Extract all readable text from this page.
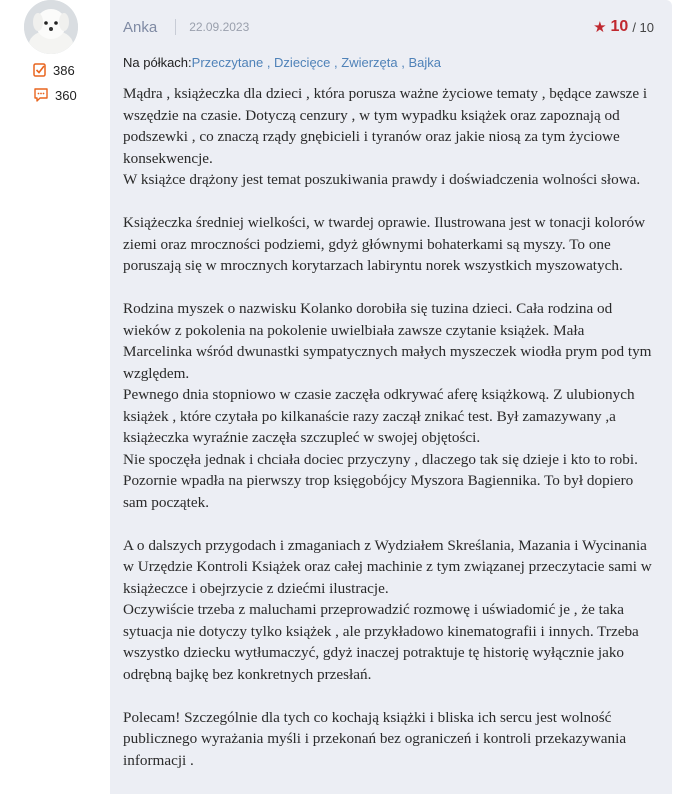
386
360
Anka	22.09.2023	★ 10 / 10
Na półkach:Przeczytane , Dziecięce , Zwierzęta , Bajka

Mądra , książeczka dla dzieci , która porusza ważne życiowe tematy , będące zawsze i wszędzie na czasie. Dotyczą cenzury , w tym wypadku książek oraz zapoznają od podszewki , co znaczą rządy gnębicieli i tyranów oraz jakie niosą za tym życiowe konsekwencje.
W książce drążony jest temat poszukiwania prawdy i doświadczenia wolności słowa.

Książeczka średniej wielkości, w twardej oprawie. Ilustrowana jest w tonacji kolorów ziemi oraz mroczności podziemi, gdyż głównymi bohaterkami są myszy. To one poruszają się w mrocznych korytarzach labiryntu norek wszystkich myszowatych.

Rodzina myszek o nazwisku Kolanko dorobiła się tuzina dzieci. Cała rodzina od wieków z pokolenia na pokolenie uwielbiała zawsze czytanie książek. Mała Marcelinka wśród dwunastki sympatycznych małych myszeczek wiodła prym pod tym względem.
Pewnego dnia stopniowo w czasie zaczęła odkrywać aferę książkową. Z ulubionych książek , które czytała po kilkanaście razy zaczął znikać test. Był zamazywany ,a książeczka wyraźnie zaczęła szczupleć w swojej objętości.
Nie spoczęła jednak i chciała dociec przyczyny , dlaczego tak się dzieje i kto to robi. Pozornie wpadła na pierwszy trop księgobójcy Myszora Bagiennika. To był dopiero sam początek.

A o dalszych przygodach i zmaganiach z Wydziałem Skreślania, Mazania i Wycinania w Urzędzie Kontroli Książek oraz całej machinie z tym związanej przeczytacie sami w książeczce i obejrzycie z dziećmi ilustracje.
Oczywiście trzeba z maluchami przeprowadzić rozmowę i uświadomić je , że taka sytuacja nie dotyczy tylko książek , ale przykładowo kinematografii i innych. Trzeba wszystko dziecku wytłumaczyć, gdyż inaczej potraktuje tę historię wyłącznie jako odrębną bajkę bez konkretnych przesłań.

Polecam! Szczególnie dla tych co kochają książki i bliska ich sercu jest wolność publicznego wyrażania myśli i przekonań bez ograniczeń i kontroli przekazywania informacji .
